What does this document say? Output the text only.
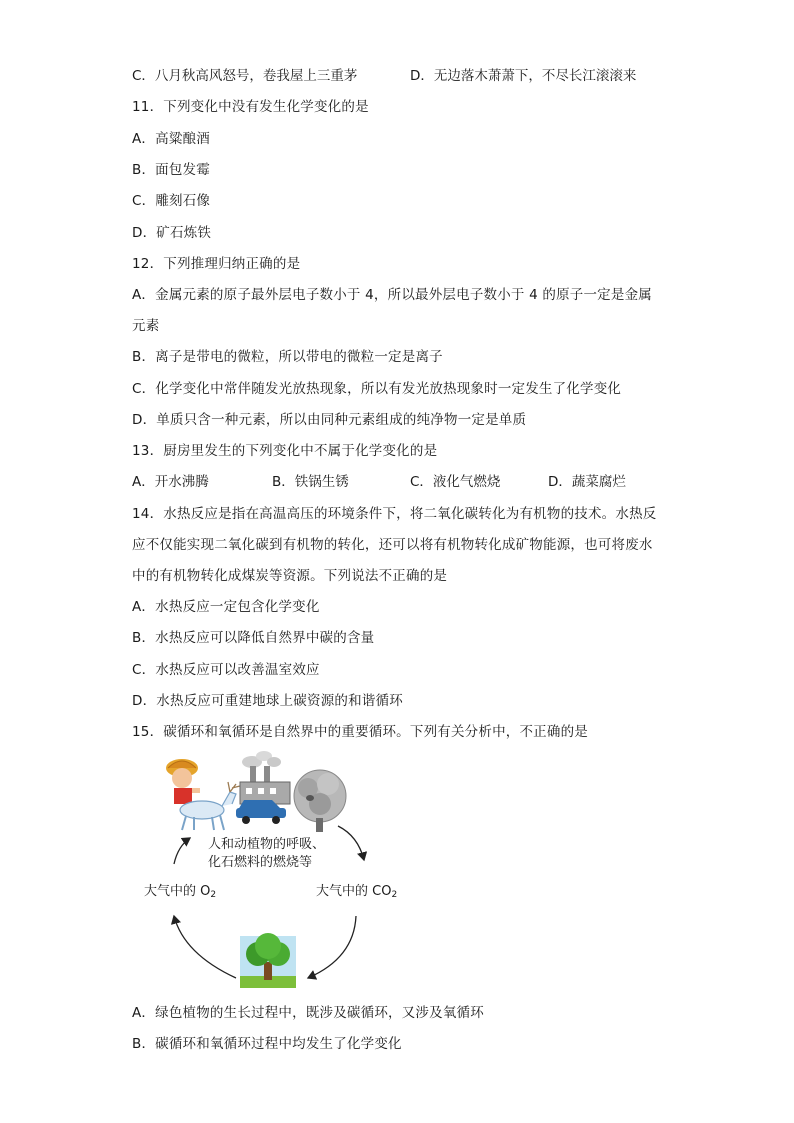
C．八月秋高风怒号，卷我屋上三重茅	D．无边落木萧萧下，不尽长江滚滚来
11．下列变化中没有发生化学变化的是
A．高粱酿酒
B．面包发霉
C．雕刻石像
D．矿石炼铁
12．下列推理归纳正确的是
A．金属元素的原子最外层电子数小于 4，所以最外层电子数小于 4 的原子一定是金属
元素
B．离子是带电的微粒，所以带电的微粒一定是离子
C．化学变化中常伴随发光放热现象，所以有发光放热现象时一定发生了化学变化
D．单质只含一种元素，所以由同种元素组成的纯净物一定是单质
13．厨房里发生的下列变化中不属于化学变化的是
A．开水沸腾	B．铁锅生锈	C．液化气燃烧	D．蔬菜腐烂
14．水热反应是指在高温高压的环境条件下，将二氧化碳转化为有机物的技术。水热反
应不仅能实现二氧化碳到有机物的转化，还可以将有机物转化成矿物能源，也可将废水
中的有机物转化成煤炭等资源。下列说法不正确的是
A．水热反应一定包含化学变化
B．水热反应可以降低自然界中碳的含量
C．水热反应可以改善温室效应
D．水热反应可重建地球上碳资源的和谐循环
15．碳循环和氧循环是自然界中的重要循环。下列有关分析中，不正确的是
人和动植物的呼吸、
化石燃料的燃烧等
大气中的 $O_2$	大气中的 $CO_2$
A．绿色植物的生长过程中，既涉及碳循环，又涉及氧循环
B．碳循环和氧循环过程中均发生了化学变化
